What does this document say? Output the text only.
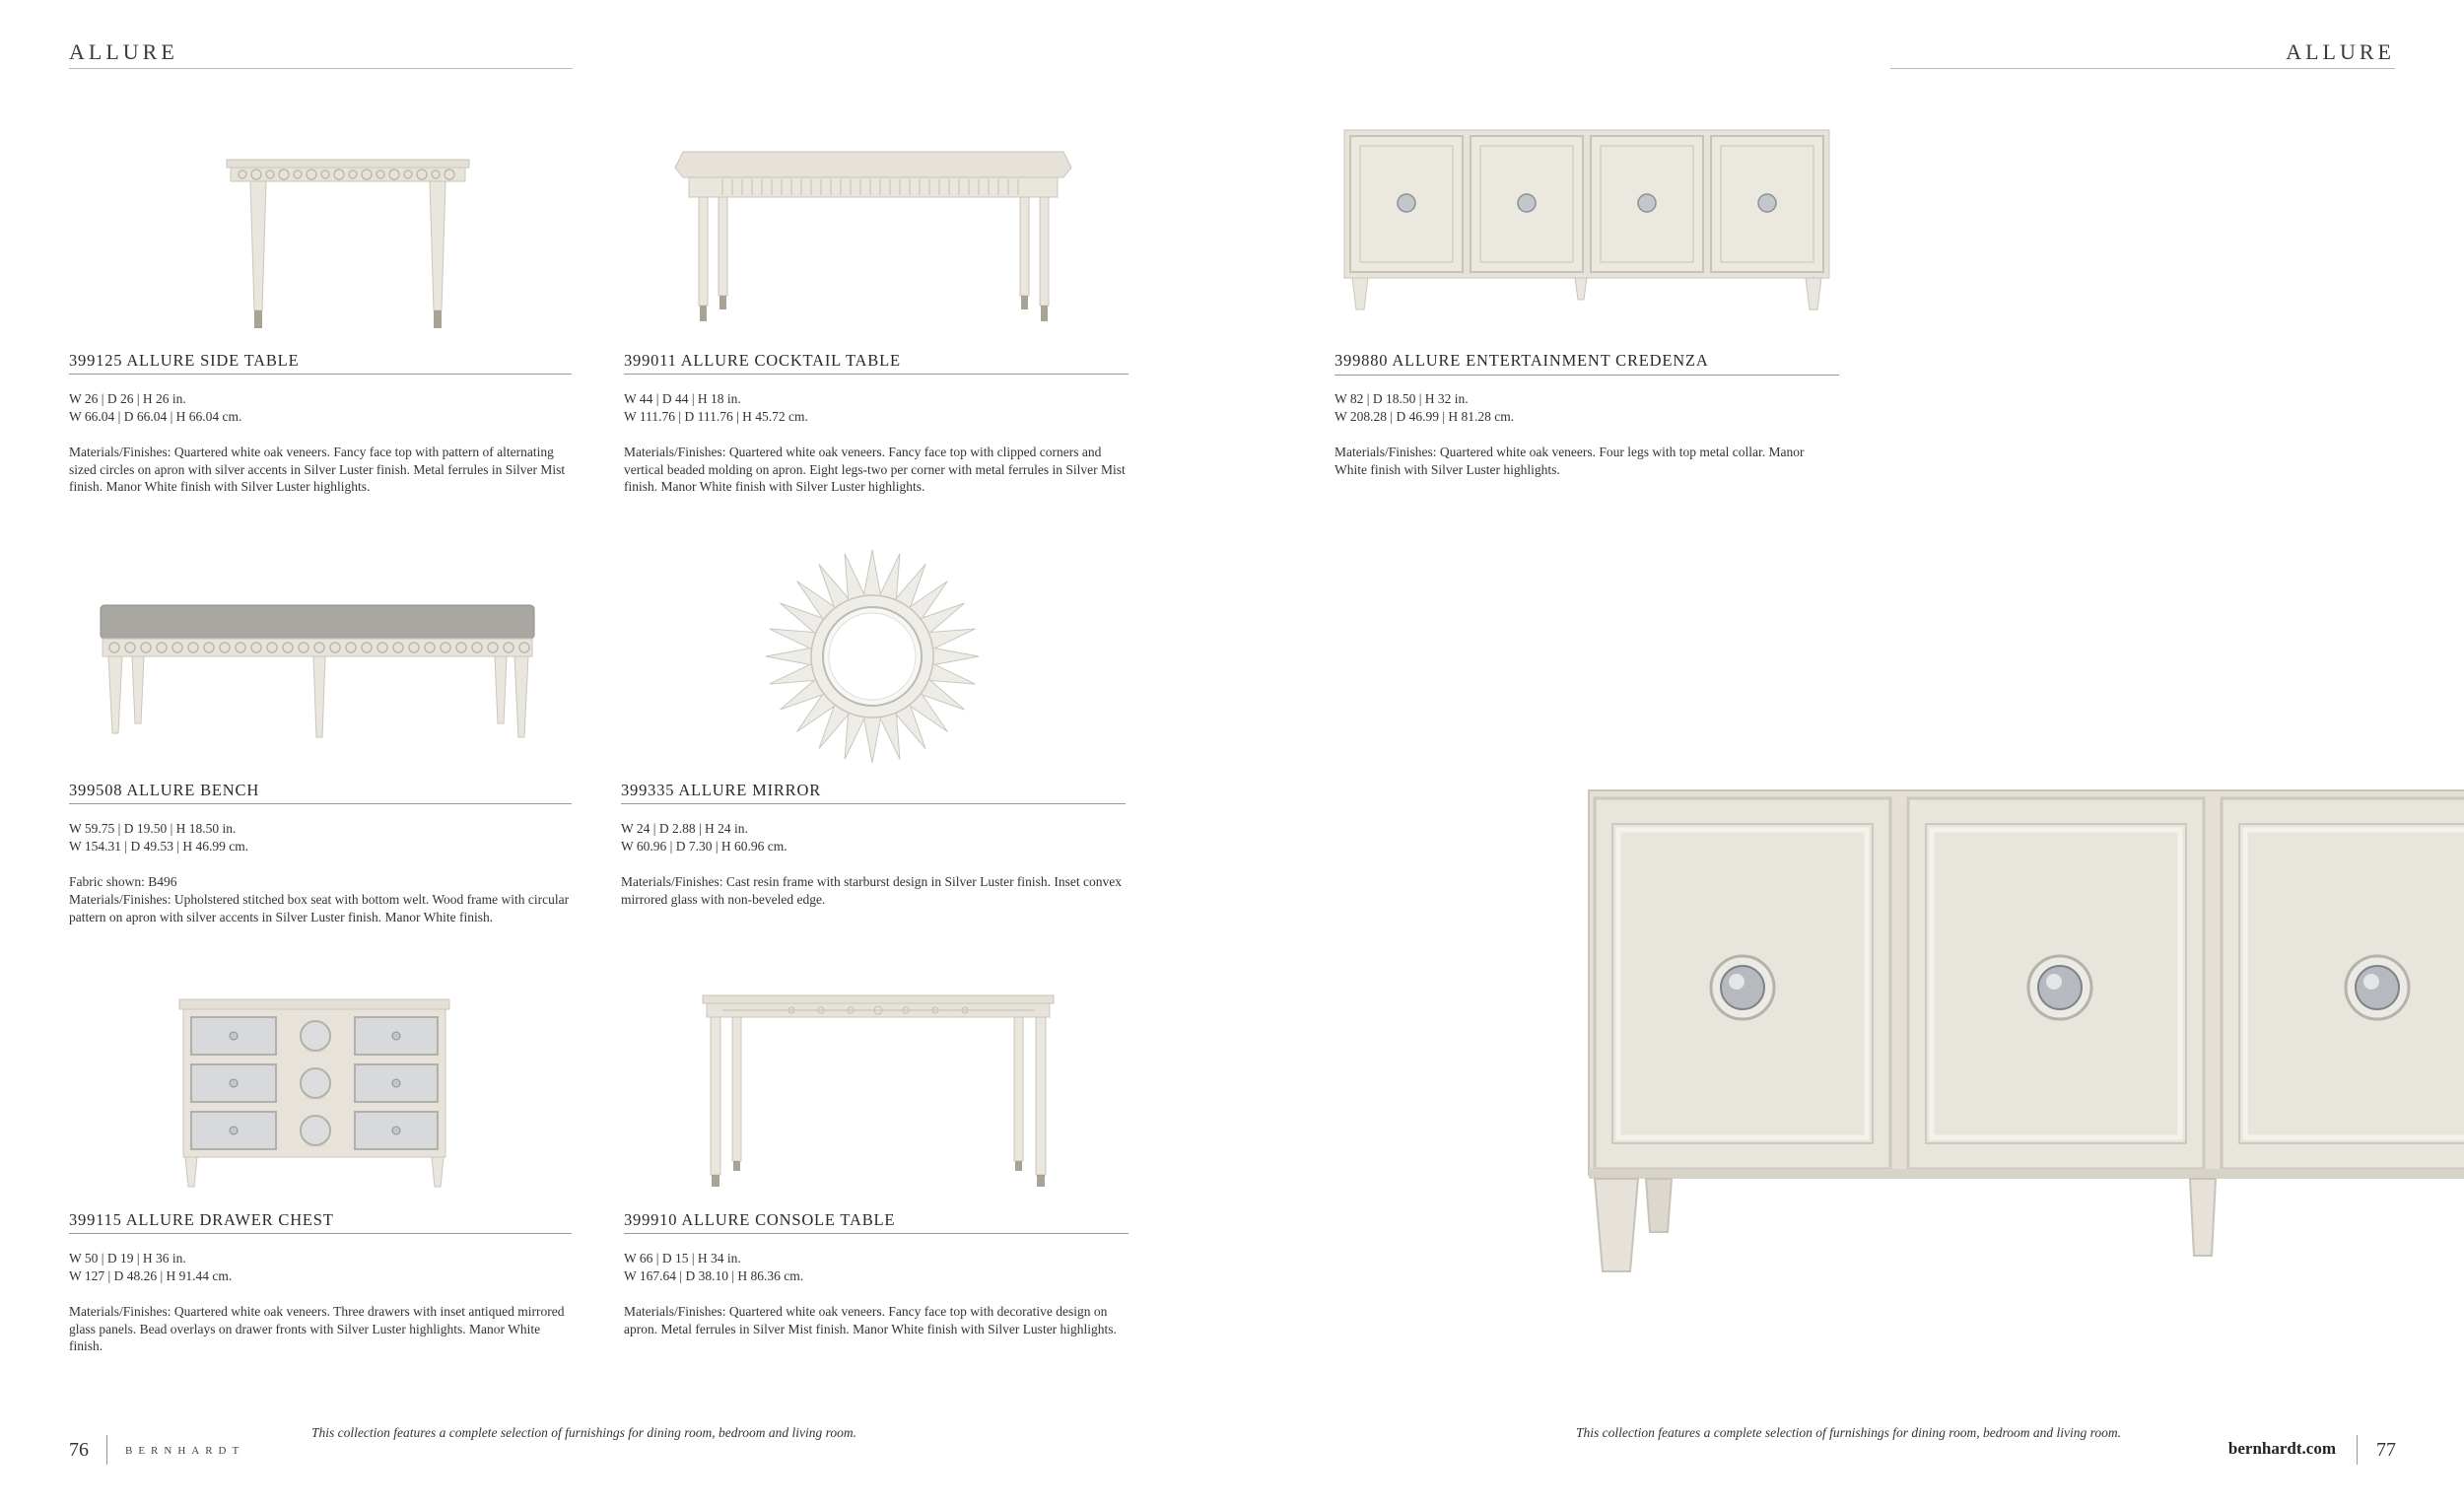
ALLURE	ALLURE
399125 ALLURE SIDE TABLE
W 26 | D 26 | H 26 in.
W 66.04 | D 66.04 | H 66.04 cm.
Materials/Finishes: Quartered white oak veneers. Fancy face top with pattern of alternating sized circles on apron with silver accents in Silver Luster finish. Metal ferrules in Silver Mist finish. Manor White finish with Silver Luster highlights.
399011 ALLURE COCKTAIL TABLE
W 44 | D 44 | H 18 in.
W 111.76 | D 111.76 | H 45.72 cm.
Materials/Finishes: Quartered white oak veneers. Fancy face top with clipped corners and vertical beaded molding on apron. Eight legs-two per corner with metal ferrules in Silver Mist finish. Manor White finish with Silver Luster highlights.
399880 ALLURE ENTERTAINMENT CREDENZA
W 82 | D 18.50 | H 32 in.
W 208.28 | D 46.99 | H 81.28 cm.
Materials/Finishes: Quartered white oak veneers. Four legs with top metal collar. Manor White finish with Silver Luster highlights.
399508 ALLURE BENCH
W 59.75 | D 19.50 | H 18.50 in.
W 154.31 | D 49.53 | H 46.99 cm.
Fabric shown: B496
Materials/Finishes: Upholstered stitched box seat with bottom welt. Wood frame with circular pattern on apron with silver accents in Silver Luster finish. Manor White finish.
399335 ALLURE MIRROR
W 24 | D 2.88 | H 24 in.
W 60.96 | D 7.30 | H 60.96 cm.
Materials/Finishes: Cast resin frame with starburst design in Silver Luster finish. Inset convex mirrored glass with non-beveled edge.
399115 ALLURE DRAWER CHEST
W 50 | D 19 | H 36 in.
W 127 | D 48.26 | H 91.44 cm.
Materials/Finishes: Quartered white oak veneers. Three drawers with inset antiqued mirrored glass panels. Bead overlays on drawer fronts with Silver Luster highlights. Manor White finish.
399910 ALLURE CONSOLE TABLE
W 66 | D 15 | H 34 in.
W 167.64 | D 38.10 | H 86.36 cm.
Materials/Finishes: Quartered white oak veneers. Fancy face top with decorative design on apron. Metal ferrules in Silver Mist finish. Manor White finish with Silver Luster highlights.
76	BERNHARDT
This collection features a complete selection of furnishings for dining room, bedroom and living room.	This collection features a complete selection of furnishings for dining room, bedroom and living room.
bernhardt.com 77
